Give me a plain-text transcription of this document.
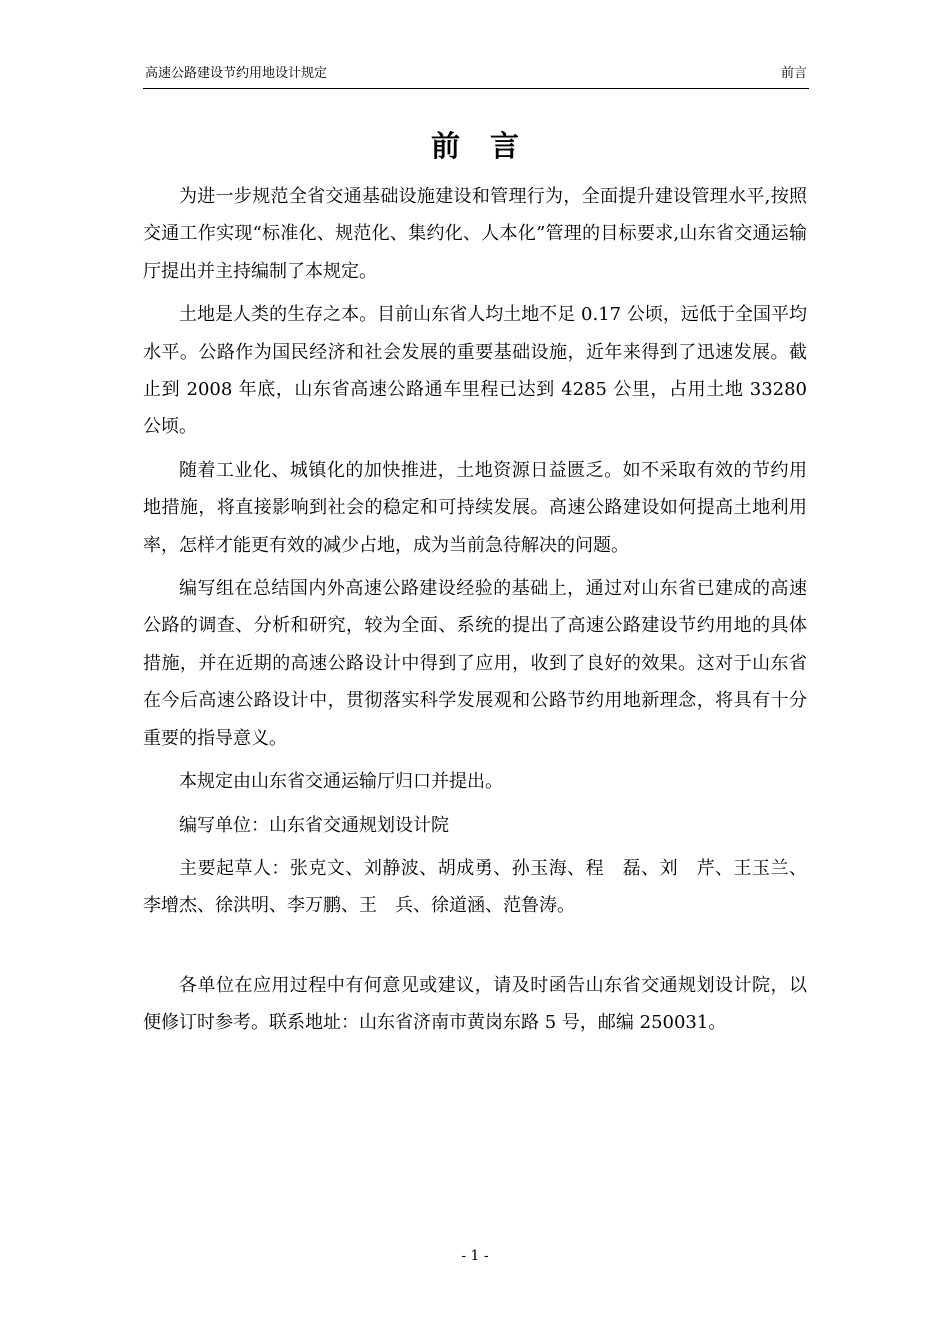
高速公路建设节约用地设计规定	前言
前言

为进一步规范全省交通基础设施建设和管理行为，全面提升建设管理水平,按照交通工作实现“标准化、规范化、集约化、人本化”管理的目标要求,山东省交通运输厅提出并主持编制了本规定。

土地是人类的生存之本。目前山东省人均土地不足 0.17 公顷，远低于全国平均水平。公路作为国民经济和社会发展的重要基础设施，近年来得到了迅速发展。截止到 2008 年底，山东省高速公路通车里程已达到 4285 公里，占用土地 33280 公顷。

随着工业化、城镇化的加快推进，土地资源日益匮乏。如不采取有效的节约用地措施，将直接影响到社会的稳定和可持续发展。高速公路建设如何提高土地利用率，怎样才能更有效的减少占地，成为当前急待解决的问题。

编写组在总结国内外高速公路建设经验的基础上，通过对山东省已建成的高速公路的调查、分析和研究，较为全面、系统的提出了高速公路建设节约用地的具体措施，并在近期的高速公路设计中得到了应用，收到了良好的效果。这对于山东省在今后高速公路设计中，贯彻落实科学发展观和公路节约用地新理念，将具有十分重要的指导意义。

本规定由山东省交通运输厅归口并提出。

编写单位：山东省交通规划设计院

主要起草人：张克文、刘静波、胡成勇、孙玉海、程　磊、刘　芹、王玉兰、李增杰、徐洪明、李万鹏、王　兵、徐道涵、范鲁涛。

各单位在应用过程中有何意见或建议，请及时函告山东省交通规划设计院，以便修订时参考。联系地址：山东省济南市黄岗东路 5 号，邮编 250031。

- 1 -
